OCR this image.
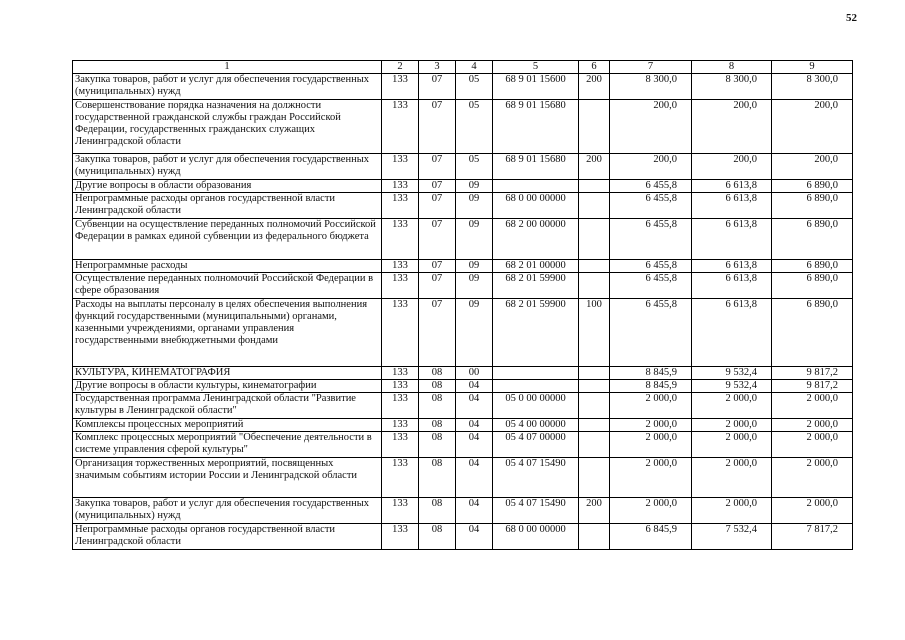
52
1	2	3	4	5	6	7	8	9
Закупка товаров, работ и услуг для обеспечения государственных (муниципальных) нужд	133	07	05	68 9 01 15600	200	8 300,0	8 300,0	8 300,0
Совершенствование порядка назначения на должности государственной гражданской службы граждан Российской Федерации, государственных гражданских служащих Ленинградской области	133	07	05	68 9 01 15680		200,0	200,0	200,0
Закупка товаров, работ и услуг для обеспечения государственных (муниципальных) нужд	133	07	05	68 9 01 15680	200	200,0	200,0	200,0
Другие вопросы в области образования	133	07	09			6 455,8	6 613,8	6 890,0
Непрограммные расходы органов государственной власти Ленинградской области	133	07	09	68 0 00 00000		6 455,8	6 613,8	6 890,0
Субвенции на осуществление переданных полномочий Российской Федерации в рамках единой субвенции из федерального бюджета	133	07	09	68 2 00 00000		6 455,8	6 613,8	6 890,0
Непрограммные расходы	133	07	09	68 2 01 00000		6 455,8	6 613,8	6 890,0
Осуществление переданных полномочий Российской Федерации в сфере образования	133	07	09	68 2 01 59900		6 455,8	6 613,8	6 890,0
Расходы на выплаты персоналу в целях обеспечения выполнения функций государственными (муниципальными) органами, казенными учреждениями, органами управления государственными внебюджетными фондами	133	07	09	68 2 01 59900	100	6 455,8	6 613,8	6 890,0
КУЛЬТУРА, КИНЕМАТОГРАФИЯ	133	08	00			8 845,9	9 532,4	9 817,2
Другие вопросы в области культуры, кинематографии	133	08	04			8 845,9	9 532,4	9 817,2
Государственная программа Ленинградской области "Развитие культуры в Ленинградской области"	133	08	04	05 0 00 00000		2 000,0	2 000,0	2 000,0
Комплексы процессных мероприятий	133	08	04	05 4 00 00000		2 000,0	2 000,0	2 000,0
Комплекс процессных мероприятий "Обеспечение деятельности в системе управления сферой культуры"	133	08	04	05 4 07 00000		2 000,0	2 000,0	2 000,0
Организация торжественных мероприятий, посвященных значимым событиям истории России и Ленинградской области	133	08	04	05 4 07 15490		2 000,0	2 000,0	2 000,0
Закупка товаров, работ и услуг для обеспечения государственных (муниципальных) нужд	133	08	04	05 4 07 15490	200	2 000,0	2 000,0	2 000,0
Непрограммные расходы органов государственной власти Ленинградской области	133	08	04	68 0 00 00000		6 845,9	7 532,4	7 817,2
